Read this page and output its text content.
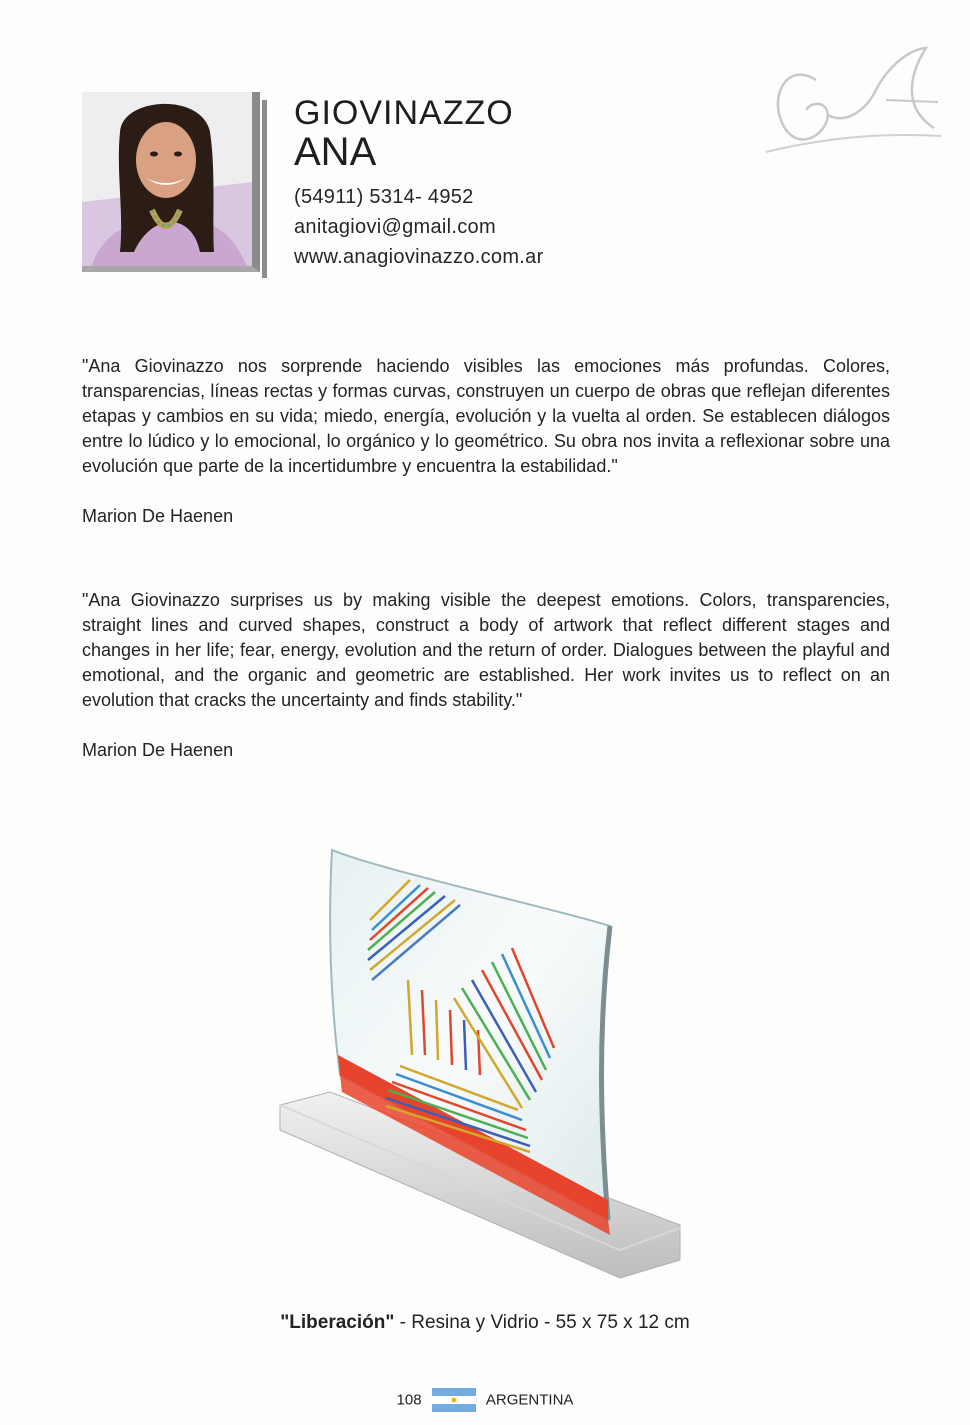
GIOVINAZZO
ANA
(54911) 5314- 4952
anitagiovi@gmail.com
www.anagiovinazzo.com.ar
"Ana Giovinazzo nos sorprende haciendo visibles las emociones más profundas. Colores, transparencias, líneas rectas y formas curvas, construyen un cuerpo de obras que reflejan diferentes etapas y cambios en su vida; miedo, energía, evolución y la vuelta al orden. Se establecen diálogos entre lo lúdico y lo emocional, lo orgánico y lo geométrico. Su obra nos invita a reflexionar sobre una evolución que parte de la incertidumbre y encuentra la estabilidad."
Marion De Haenen
"Ana Giovinazzo surprises us by making visible the deepest emotions. Colors, transparencies, straight lines and curved shapes, construct a body of artwork that reflect different stages and changes in her life; fear, energy, evolution and the return of order. Dialogues between the playful and emotional, and the organic and geometric are established. Her work invites us to reflect on an evolution that cracks the uncertainty and finds stability."
Marion De Haenen
"Liberación" - Resina y Vidrio - 55 x 75 x 12 cm
108	ARGENTINA
